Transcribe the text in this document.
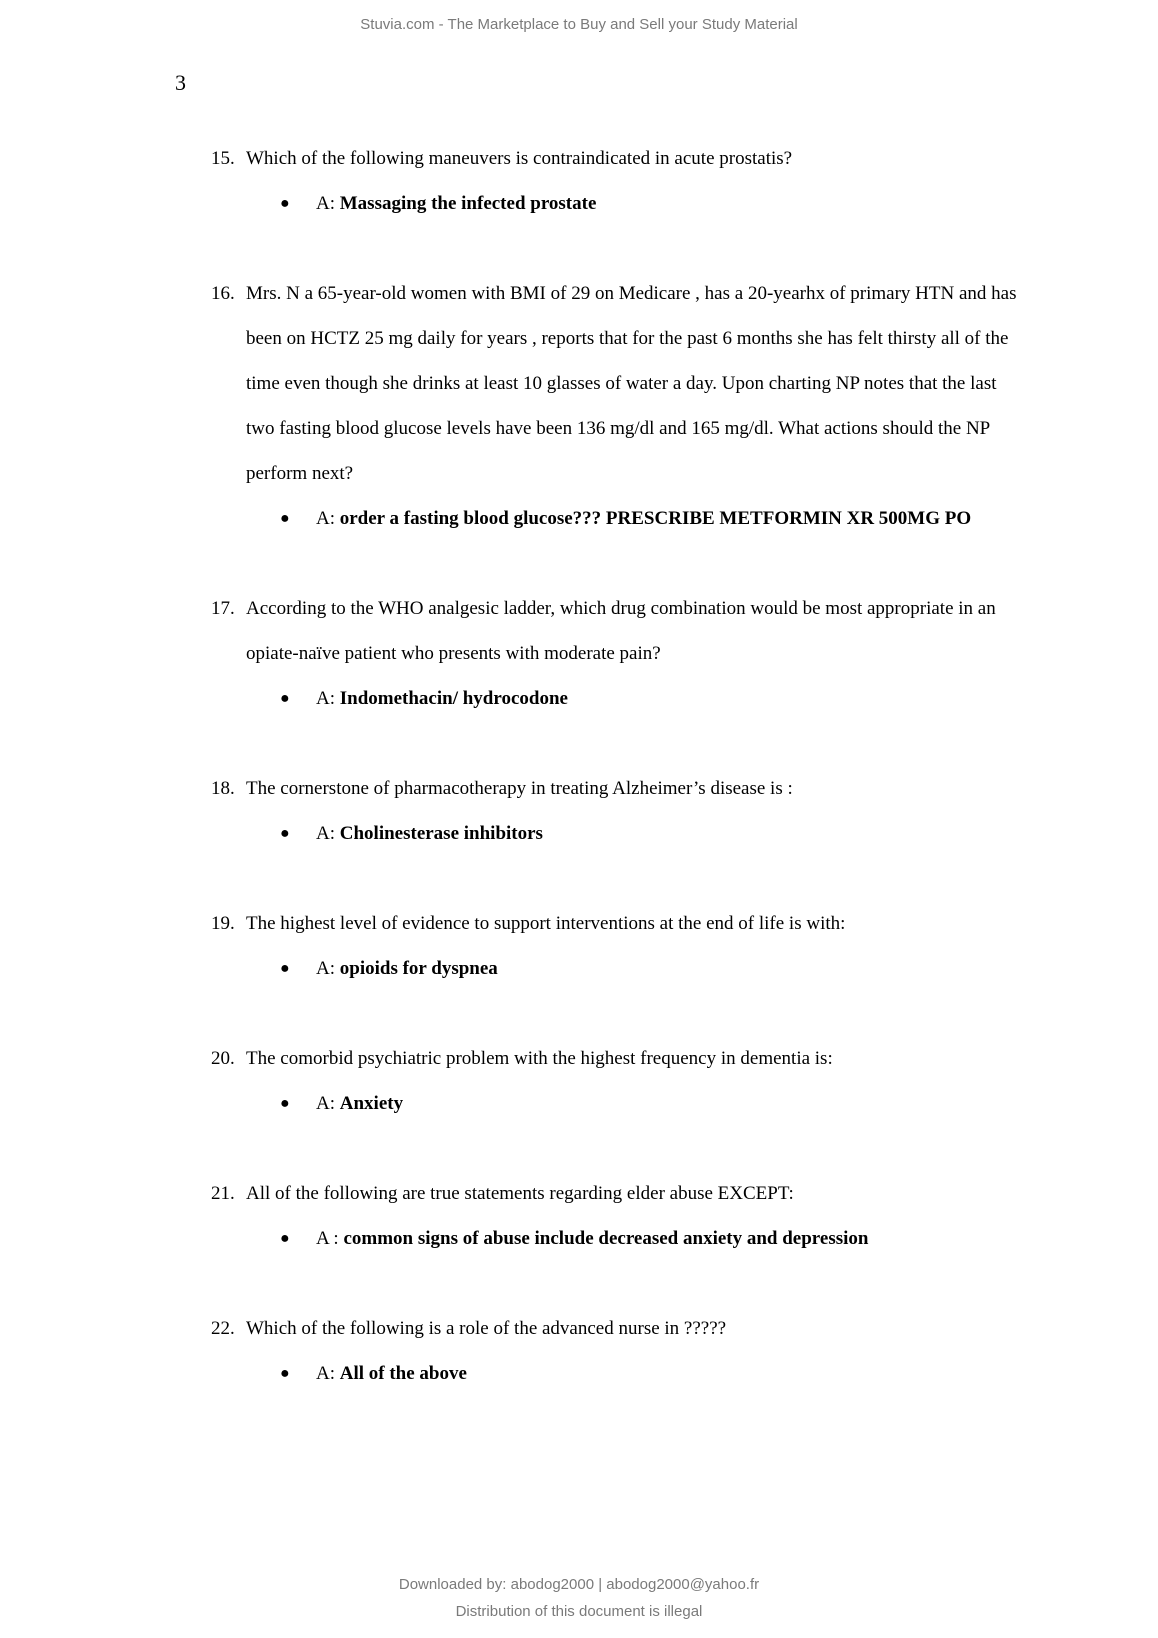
Stuvia.com - The Marketplace to Buy and Sell your Study Material
3
15. Which of the following maneuvers is contraindicated in acute prostatis?
● A: Massaging the infected prostate
16. Mrs. N a 65-year-old women with BMI of 29 on Medicare , has a 20-yearhx of primary HTN and has been on HCTZ 25 mg daily for years , reports that for the past 6 months she has felt thirsty all of the time even though she drinks at least 10 glasses of water a day. Upon charting NP notes that the last two fasting blood glucose levels have been 136 mg/dl and 165 mg/dl. What actions should the NP perform next?
● A: order a fasting blood glucose??? PRESCRIBE METFORMIN XR 500MG PO
17. According to the WHO analgesic ladder, which drug combination would be most appropriate in an opiate-naïve patient who presents with moderate pain?
● A: Indomethacin/ hydrocodone
18. The cornerstone of pharmacotherapy in treating Alzheimer’s disease is :
● A: Cholinesterase inhibitors
19. The highest level of evidence to support interventions at the end of life is with:
● A: opioids for dyspnea
20. The comorbid psychiatric problem with the highest frequency in dementia is:
● A: Anxiety
21. All of the following are true statements regarding elder abuse EXCEPT:
● A : common signs of abuse include decreased anxiety and depression
22. Which of the following is a role of the advanced nurse in ?????
● A: All of the above
Downloaded by: abodog2000 | abodog2000@yahoo.fr
Distribution of this document is illegal
